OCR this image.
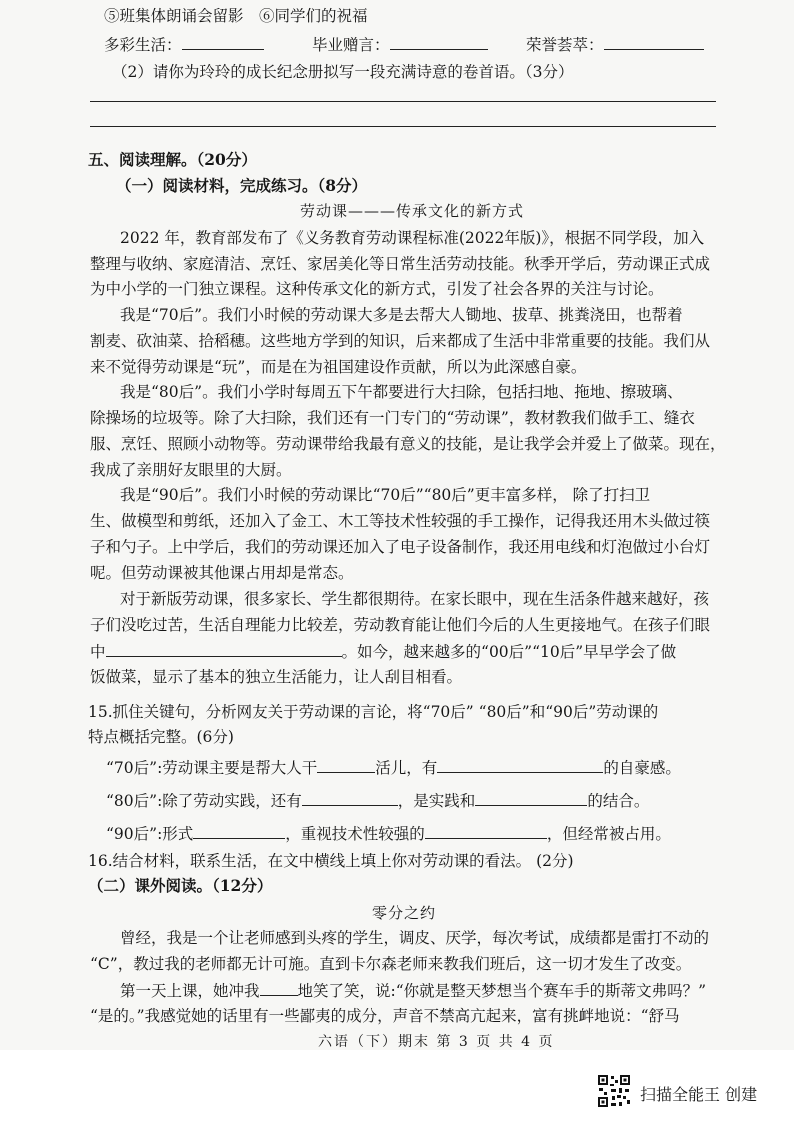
⑤班集体朗诵会留影　⑥同学们的祝福
多彩生活：	毕业赠言：	荣誉荟萃：
（2）请你为玲玲的成长纪念册拟写一段充满诗意的卷首语。（3分）
五、阅读理解。（20分）
（一）阅读材料，完成练习。（8分）
劳动课———传承文化的新方式
2022 年，教育部发布了《义务教育劳动课程标准(2022年版)》，根据不同学段，加入
整理与收纳、家庭清洁、烹饪、家居美化等日常生活劳动技能。秋季开学后，劳动课正式成
为中小学的一门独立课程。这种传承文化的新方式，引发了社会各界的关注与讨论。
我是“70后”。我们小时候的劳动课大多是去帮大人锄地、拔草、挑粪浇田，也帮着
割麦、砍油菜、拾稻穗。这些地方学到的知识，后来都成了生活中非常重要的技能。我们从
来不觉得劳动课是“玩”，而是在为祖国建设作贡献，所以为此深感自豪。
我是“80后”。我们小学时每周五下午都要进行大扫除，包括扫地、拖地、擦玻璃、
除操场的垃圾等。除了大扫除，我们还有一门专门的“劳动课”，教材教我们做手工、缝衣
服、烹饪、照顾小动物等。劳动课带给我最有意义的技能，是让我学会并爱上了做菜。现在，
我成了亲朋好友眼里的大厨。
我是“90后”。我们小时候的劳动课比“70后”“80后”更丰富多样， 除了打扫卫
生、做模型和剪纸，还加入了金工、木工等技术性较强的手工操作，记得我还用木头做过筷
子和勺子。上中学后，我们的劳动课还加入了电子设备制作，我还用电线和灯泡做过小台灯
呢。但劳动课被其他课占用却是常态。
对于新版劳动课，很多家长、学生都很期待。在家长眼中，现在生活条件越来越好，孩
子们没吃过苦，生活自理能力比较差，劳动教育能让他们今后的人生更接地气。在孩子们眼
中	。如今，越来越多的“00后”“10后”早早学会了做
饭做菜，显示了基本的独立生活能力，让人刮目相看。
15.抓住关键句，分析网友关于劳动课的言论，将“70后” “80后”和“90后”劳动课的
特点概括完整。(6分)
“70后”:劳动课主要是帮大人干	活儿，有	的自豪感。
“80后”:除了劳动实践，还有	，是实践和	的结合。
“90后”:形式	，重视技术性较强的	，但经常被占用。
16.结合材料，联系生活，在文中横线上填上你对劳动课的看法。 (2分)
（二）课外阅读。（12分）
零分之约
曾经，我是一个让老师感到头疼的学生，调皮、厌学，每次考试，成绩都是雷打不动的
“C”，教过我的老师都无计可施。直到卡尔森老师来教我们班后，这一切才发生了改变。
第一天上课，她冲我 地笑了笑，说:“你就是整天梦想当个赛车手的斯蒂文弗吗？”
“是的。”我感觉她的话里有一些鄙夷的成分，声音不禁高亢起来，富有挑衅地说：“舒马
六语（下）期末 第 3 页 共 4 页
扫描全能王 创建
